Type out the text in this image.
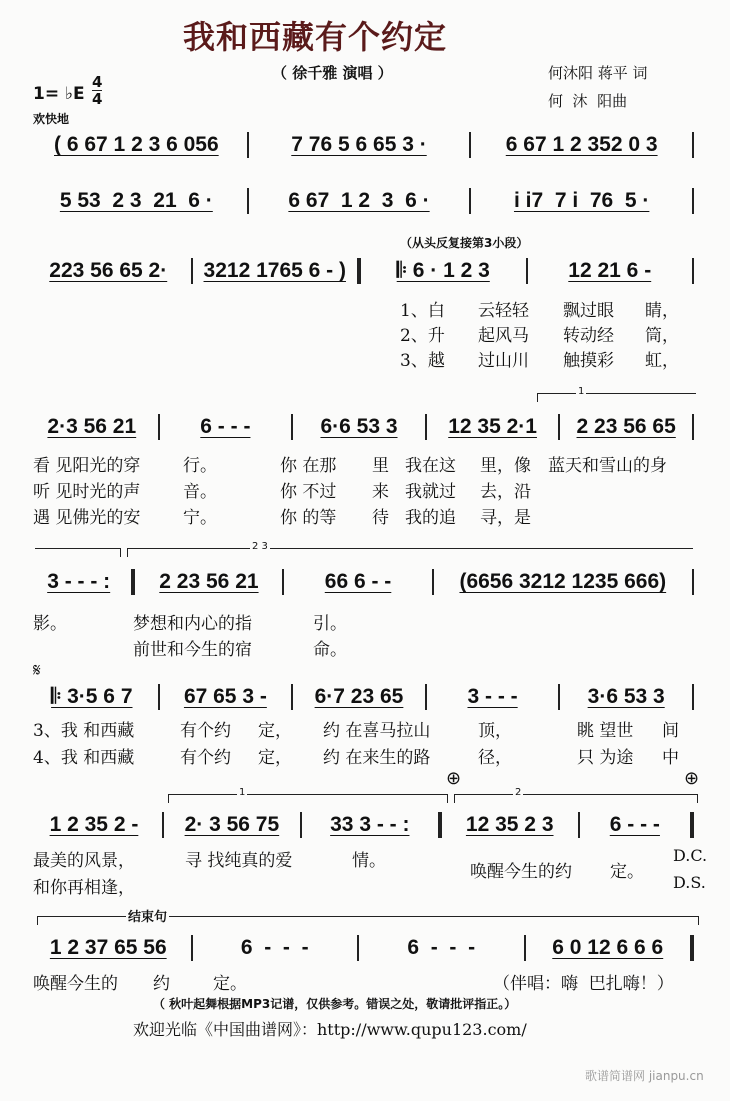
我和西藏有个约定
（ 徐千雅 演唱 ）	何沐阳 蒋平 词
何  沐  阳曲
1= ♭E $\frac{4}{4}$
欢快地
( 6 67 1 2 3 6 056	7 76 5 6 65 3 ·	6 67 1 2 352 0 3
5 53  2 3  21  6 ·	6 67  1 2  3  6 ·	i i7  7 i  76  5 ·
（从头反复接第3小段）
223 56 65 2·	3212 1765 6 - )	𝄆 6 · 1 2 3	12 21 6 -
1、白 云轻轻 飘过眼 睛，
2、升 起风马 转动经 筒，
3、越 过山川 触摸彩 虹，
1
2·3 56 21	6 - - -	6·6 53 3	12 35 2·1	2 23 56 65
看 见阳光的穿	行。	你 在那 里 我在这 里，像 蓝天和雪山的身
听 见时光的声	音。	你 不过 来 我就过 去，沿
遇 见佛光的安	宁。	你 的等 待 我的追 寻，是
2 3
3 - - - :	2 23 56 21	66 6 - -	(6656 3212 1235 666)
影。	梦想和内心的指	引。
前世和今生的宿	命。
𝄋
𝄆 3·5 6 7	67 65 3 -	6·7 23 65	3 - - -	3·6 53 3
3、我 和西藏	有个约 定， 约 在喜马拉山	顶，	眺 望世 间
4、我 和西藏	有个约 定， 约 在来生的路	径，	只 为途 中
⊕	⊕
1	2
1 2 35 2 -	2· 3 56 75	33 3 - - :	12 35 2 3	6 - - -
最美的风景，	寻 找纯真的爱	情。
唤醒今生的约 定。
和你再相逢，
D.C.
D.S.
结束句
1 2 37 65 56	6  -  -  -	6  -  -  -	6 0 12 6 6 6
唤醒今生的 约	定。	（伴唱：嗨  巴扎嗨！）
（ 秋叶起舞根据MP3记谱，仅供参考。错误之处，敬请批评指正。）
欢迎光临《中国曲谱网》：http://www.qupu123.com/
歌谱简谱网 jianpu.cn
